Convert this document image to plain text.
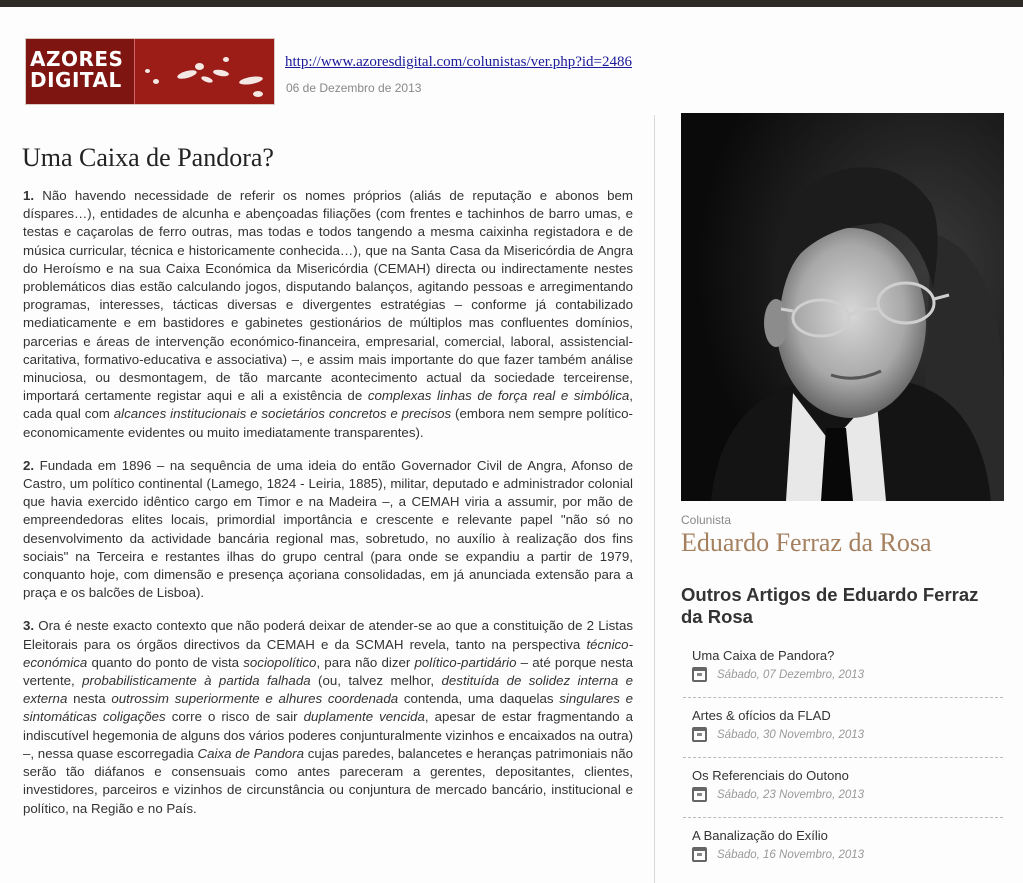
AZORES
DIGITAL
http://www.azoresdigital.com/colunistas/ver.php?id=2486
06 de Dezembro de 2013
Uma Caixa de Pandora?

1. Não havendo necessidade de referir os nomes próprios (aliás de reputação e abonos bem díspares…), entidades de alcunha e abençoadas filiações (com frentes e tachinhos de barro umas, e testas e caçarolas de ferro outras, mas todas e todos tangendo a mesma caixinha registadora e de música curricular, técnica e historicamente conhecida…), que na Santa Casa da Misericórdia de Angra do Heroísmo e na sua Caixa Económica da Misericórdia (CEMAH) directa ou indirectamente nestes problemáticos dias estão calculando jogos, disputando balanços, agitando pessoas e arregimentando programas, interesses, tácticas diversas e divergentes estratégias – conforme já contabilizado mediaticamente e em bastidores e gabinetes gestionários de múltiplos mas confluentes domínios, parcerias e áreas de intervenção económico-financeira, empresarial, comercial, laboral, assistencial-caritativa, formativo-educativa e associativa) –, e assim mais importante do que fazer também análise minuciosa, ou desmontagem, de tão marcante acontecimento actual da sociedade terceirense, importará certamente registar aqui e ali a existência de complexas linhas de força real e simbólica, cada qual com alcances institucionais e societários concretos e precisos (embora nem sempre político-economicamente evidentes ou muito imediatamente transparentes).

2. Fundada em 1896 – na sequência de uma ideia do então Governador Civil de Angra, Afonso de Castro, um político continental (Lamego, 1824 - Leiria, 1885), militar, deputado e administrador colonial que havia exercido idêntico cargo em Timor e na Madeira –, a CEMAH viria a assumir, por mão de empreendedoras elites locais, primordial importância e crescente e relevante papel "não só no desenvolvimento da actividade bancária regional mas, sobretudo, no auxílio à realização dos fins sociais" na Terceira e restantes ilhas do grupo central (para onde se expandiu a partir de 1979, conquanto hoje, com dimensão e presença açoriana consolidadas, em já anunciada extensão para a praça e os balcões de Lisboa).

3. Ora é neste exacto contexto que não poderá deixar de atender-se ao que a constituição de 2 Listas Eleitorais para os órgãos directivos da CEMAH e da SCMAH revela, tanto na perspectiva técnico-económica quanto do ponto de vista sociopolítico, para não dizer político-partidário – até porque nesta vertente, probabilisticamente à partida falhada (ou, talvez melhor, destituída de solidez interna e externa nesta outrossim superiormente e alhures coordenada contenda, uma daquelas singulares e sintomáticas coligações corre o risco de sair duplamente vencida, apesar de estar fragmentando a indiscutível hegemonia de alguns dos vários poderes conjunturalmente vizinhos e encaixados na outra) –, nessa quase escorregadia Caixa de Pandora cujas paredes, balancetes e heranças patrimoniais não serão tão diáfanos e consensuais como antes pareceram a gerentes, depositantes, clientes, investidores, parceiros e vizinhos de circunstância ou conjuntura de mercado bancário, institucional e político, na Região e no País.

Colunista
Eduardo Ferraz da Rosa
Outros Artigos de Eduardo Ferraz da Rosa
Uma Caixa de Pandora?
Sábado, 07 Dezembro, 2013
Artes & ofícios da FLAD
Sábado, 30 Novembro, 2013
Os Referenciais do Outono
Sábado, 23 Novembro, 2013
A Banalização do Exílio
Sábado, 16 Novembro, 2013
